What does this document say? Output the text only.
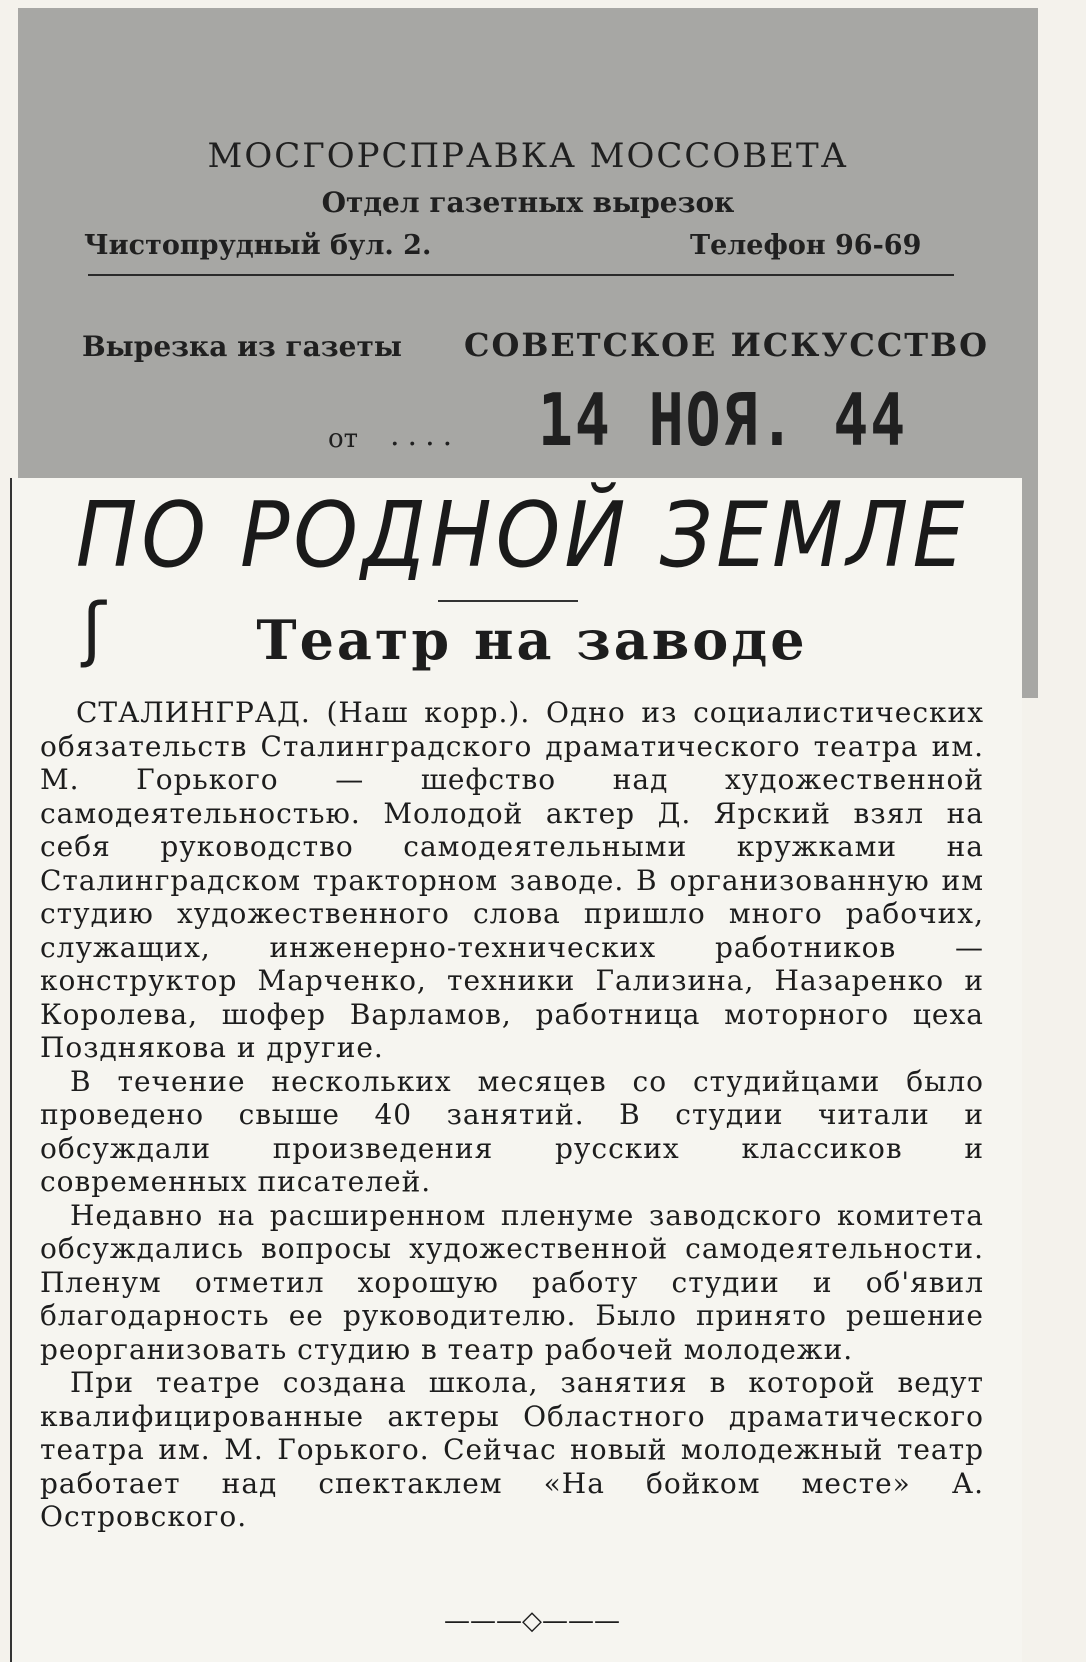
МОСГОРСПРАВКА МОССОВЕТА
Отдел газетных вырезок
Чистопрудный бул. 2.	Телефон 96-69
Вырезка из газеты СОВЕТСКОЕ ИСКУССТВО
от .... 14 НОЯ. 44
ПО РОДНОЙ ЗЕМЛЕ
ʃ	Театр на заводе

СТАЛИНГРАД. (Наш корр.). Одно из социалистических обязательств Сталинградского драматического театра им. М. Горького — шефство над художественной самодеятельностью. Молодой актер Д. Ярский взял на себя руководство самодеятельными кружками на Сталинградском тракторном заводе. В организованную им студию художественного слова пришло много рабочих, служащих, инженерно-технических работников — конструктор Марченко, техники Гализина, Назаренко и Королева, шофер Варламов, работница моторного цеха Позднякова и другие.

В течение нескольких месяцев со студийцами было проведено свыше 40 занятий. В студии читали и обсуждали произведения русских классиков и современных писателей.

Недавно на расширенном пленуме заводского комитета обсуждались вопросы художественной самодеятельности. Пленум отметил хорошую работу студии и об'явил благодарность ее руководителю. Было принято решение реорганизовать студию в театр рабочей молодежи.

При театре создана школа, занятия в которой ведут квалифицированные актеры Областного драматического театра им. М. Горького. Сейчас новый молодежный театр работает над спектаклем «На бойком месте» А. Островского.

———◇———
